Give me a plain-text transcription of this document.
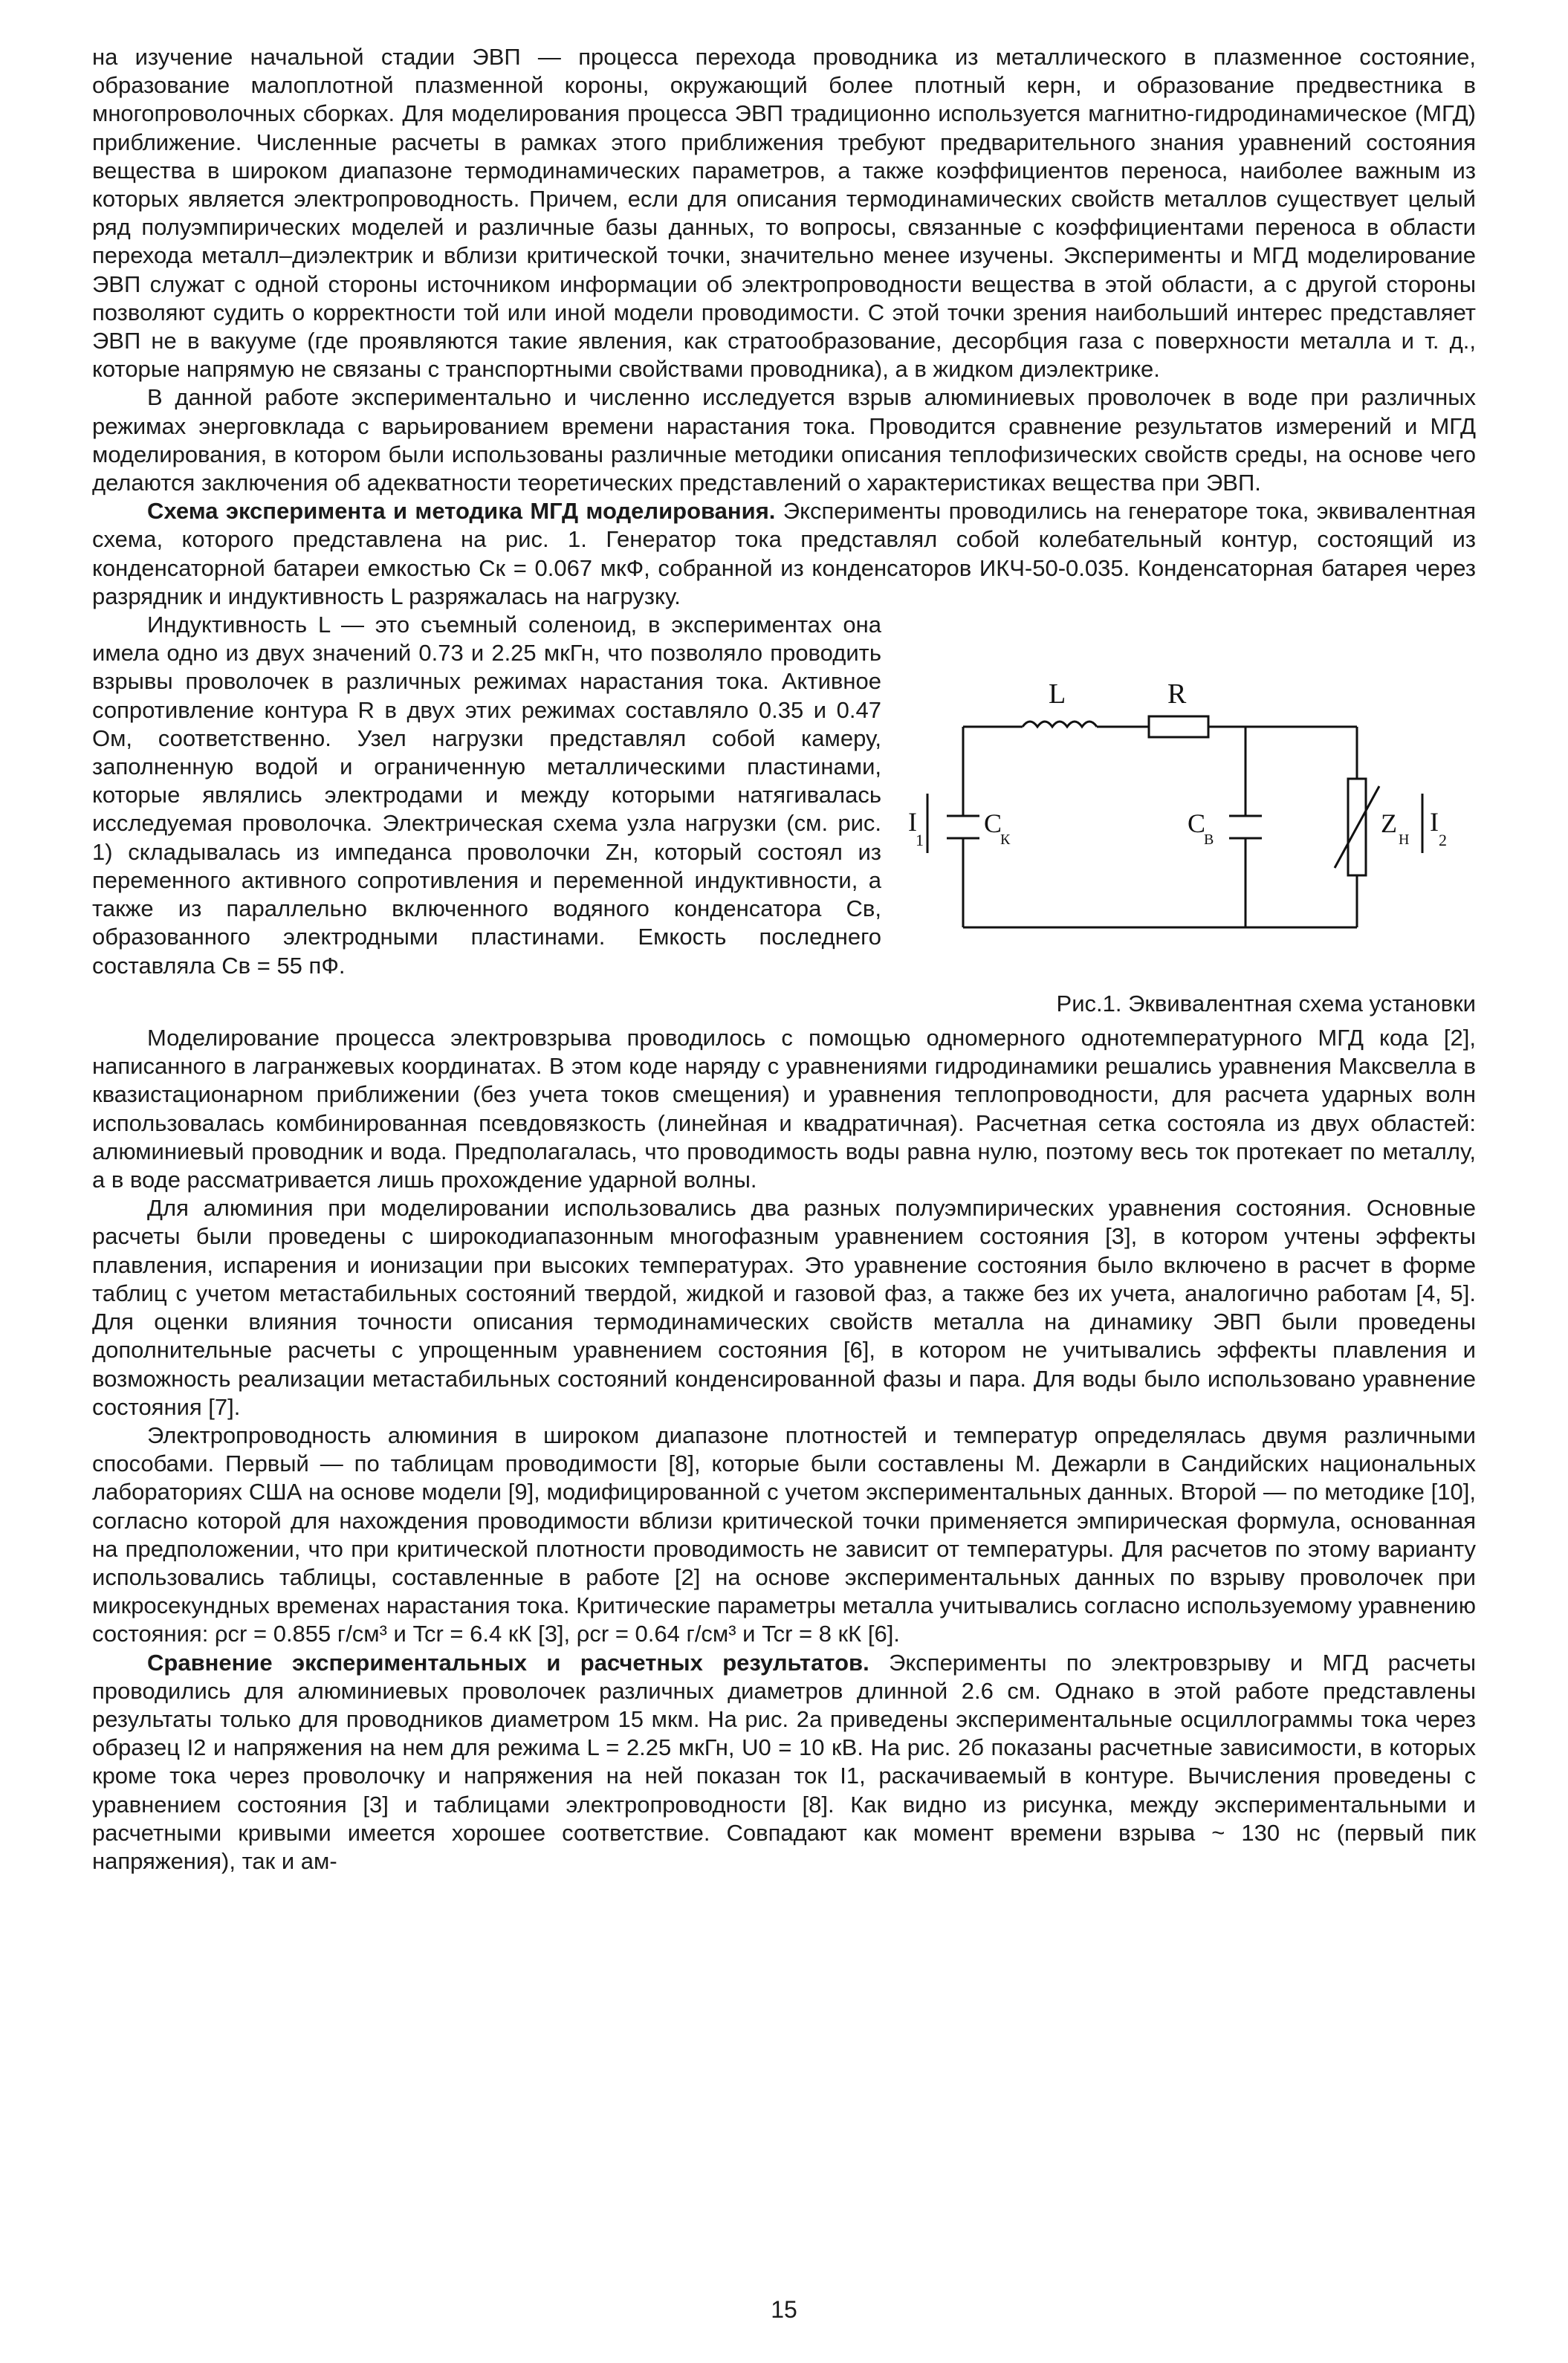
на изучение начальной стадии ЭВП — процесса перехода проводника из металлического в плазменное состояние, образование малоплотной плазменной короны, окружающий более плотный керн, и образование предвестника в многопроволочных сборках. Для моделирования процесса ЭВП традиционно используется магнитно-гидродинамическое (МГД) приближение. Численные расчеты в рамках этого приближения требуют предварительного знания уравнений состояния вещества в широком диапазоне термодинамических параметров, а также коэффициентов переноса, наиболее важным из которых является электропроводность. Причем, если для описания термодинамических свойств металлов существует целый ряд полуэмпирических моделей и различные базы данных, то вопросы, связанные с коэффициентами переноса в области перехода металл–диэлектрик и вблизи критической точки, значительно менее изучены. Эксперименты и МГД моделирование ЭВП служат с одной стороны источником информации об электропроводности вещества в этой области, а с другой стороны позволяют судить о корректности той или иной модели проводимости. С этой точки зрения наибольший интерес представляет ЭВП не в вакууме (где проявляются такие явления, как стратообразование, десорбция газа с поверхности металла и т. д., которые напрямую не связаны с транспортными свойствами проводника), а в жидком диэлектрике.

В данной работе экспериментально и численно исследуется взрыв алюминиевых проволочек в воде при различных режимах энерговклада с варьированием времени нарастания тока. Проводится сравнение результатов измерений и МГД моделирования, в котором были использованы различные методики описания теплофизических свойств среды, на основе чего делаются заключения об адекватности теоретических представлений о характеристиках вещества при ЭВП.

Схема эксперимента и методика МГД моделирования. Эксперименты проводились на генераторе тока, эквивалентная схема, которого представлена на рис. 1. Генератор тока представлял собой колебательный контур, состоящий из конденсаторной батареи емкостью Cк = 0.067 мкФ, собранной из конденсаторов ИКЧ-50-0.035. Конденсаторная батарея через разрядник и индуктивность L разряжалась на нагрузку.

L	R
I
1
C
К
C
В
Z
Н
I
2
Рис.1. Эквивалентная схема установки

Индуктивность L — это съемный соленоид, в экспериментах она имела одно из двух значений 0.73 и 2.25 мкГн, что позволяло проводить взрывы проволочек в различных режимах нарастания тока. Активное сопротивление контура R в двух этих режимах составляло 0.35 и 0.47 Ом, соответственно. Узел нагрузки представлял собой камеру, заполненную водой и ограниченную металлическими пластинами, которые являлись электродами и между которыми натягивалась исследуемая проволочка. Электрическая схема узла нагрузки (см. рис. 1) складывалась из импеданса проволочки Zн, который состоял из переменного активного сопротивления и переменной индуктивности, а также из параллельно включенного водяного конденсатора Cв, образованного электродными пластинами. Емкость последнего составляла Cв = 55 пФ.

Моделирование процесса электровзрыва проводилось с помощью одномерного однотемпературного МГД кода [2], написанного в лагранжевых координатах. В этом коде наряду с уравнениями гидродинамики решались уравнения Максвелла в квазистационарном приближении (без учета токов смещения) и уравнения теплопроводности, для расчета ударных волн использовалась комбинированная псевдовязкость (линейная и квадратичная). Расчетная сетка состояла из двух областей: алюминиевый проводник и вода. Предполагалась, что проводимость воды равна нулю, поэтому весь ток протекает по металлу, а в воде рассматривается лишь прохождение ударной волны.

Для алюминия при моделировании использовались два разных полуэмпирических уравнения состояния. Основные расчеты были проведены с широкодиапазонным многофазным уравнением состояния [3], в котором учтены эффекты плавления, испарения и ионизации при высоких температурах. Это уравнение состояния было включено в расчет в форме таблиц с учетом метастабильных состояний твердой, жидкой и газовой фаз, а также без их учета, аналогично работам [4, 5]. Для оценки влияния точности описания термодинамических свойств металла на динамику ЭВП были проведены дополнительные расчеты с упрощенным уравнением состояния [6], в котором не учитывались эффекты плавления и возможность реализации метастабильных состояний конденсированной фазы и пара. Для воды было использовано уравнение состояния [7].

Электропроводность алюминия в широком диапазоне плотностей и температур определялась двумя различными способами. Первый — по таблицам проводимости [8], которые были составлены М. Дежарли в Сандийских национальных лабораториях США на основе модели [9], модифицированной с учетом экспериментальных данных. Второй — по методике [10], согласно которой для нахождения проводимости вблизи критической точки применяется эмпирическая формула, основанная на предположении, что при критической плотности проводимость не зависит от температуры. Для расчетов по этому варианту использовались таблицы, составленные в работе [2] на основе экспериментальных данных по взрыву проволочек при микросекундных временах нарастания тока. Критические параметры металла учитывались согласно используемому уравнению состояния: ρcr = 0.855 г/см³ и Tcr = 6.4 кК [3], ρcr = 0.64 г/см³ и Tcr = 8 кК [6].

Сравнение экспериментальных и расчетных результатов. Эксперименты по электровзрыву и МГД расчеты проводились для алюминиевых проволочек различных диаметров длинной 2.6 см. Однако в этой работе представлены результаты только для проводников диаметром 15 мкм. На рис. 2а приведены экспериментальные осциллограммы тока через образец I2 и напряжения на нем для режима L = 2.25 мкГн, U0 = 10 кВ. На рис. 2б показаны расчетные зависимости, в которых кроме тока через проволочку и напряжения на ней показан ток I1, раскачиваемый в контуре. Вычисления проведены с уравнением состояния [3] и таблицами электропроводности [8]. Как видно из рисунка, между экспериментальными и расчетными кривыми имеется хорошее соответствие. Совпадают как момент времени взрыва ~ 130 нс (первый пик напряжения), так и ам-

15
